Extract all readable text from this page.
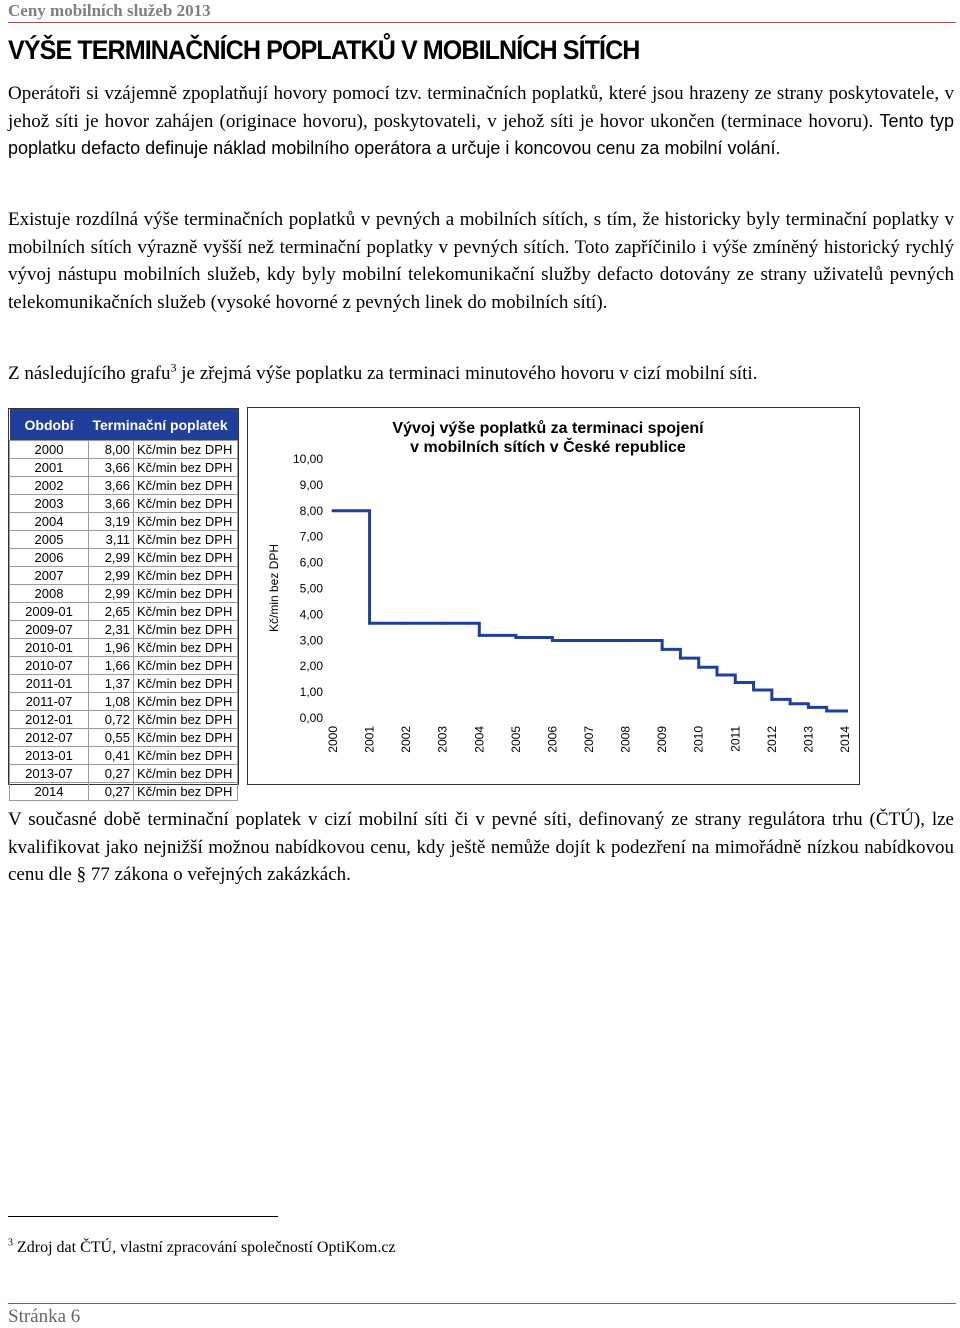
Ceny mobilních služeb 2013
VÝŠE TERMINAČNÍCH POPLATKŮ V MOBILNÍCH SÍTÍCH

Operátoři si vzájemně zpoplatňují hovory pomocí tzv. terminačních poplatků, které jsou hrazeny ze strany poskytovatele, v jehož síti je hovor zahájen (originace hovoru), poskytovateli, v jehož síti je hovor ukončen (terminace hovoru). Tento typ poplatku defacto definuje náklad mobilního operátora a určuje i koncovou cenu za mobilní volání.

Existuje rozdílná výše terminačních poplatků v pevných a mobilních sítích, s tím, že historicky byly terminační poplatky v mobilních sítích výrazně vyšší než terminační poplatky v pevných sítích. Toto zapříčinilo i výše zmíněný historický rychlý vývoj nástupu mobilních služeb, kdy byly mobilní telekomunikační služby defacto dotovány ze strany uživatelů pevných telekomunikačních služeb (vysoké hovorné z pevných linek do mobilních sítí).

Z následujícího grafu$^3$ je zřejmá výše poplatku za terminaci minutového hovoru v cizí mobilní síti.

Období	Terminační poplatek	
2000	8,00	Kč/min bez DPH
2001	3,66	Kč/min bez DPH
2002	3,66	Kč/min bez DPH
2003	3,66	Kč/min bez DPH
2004	3,19	Kč/min bez DPH
2005	3,11	Kč/min bez DPH
2006	2,99	Kč/min bez DPH
2007	2,99	Kč/min bez DPH
2008	2,99	Kč/min bez DPH
2009-01	2,65	Kč/min bez DPH
2009-07	2,31	Kč/min bez DPH
2010-01	1,96	Kč/min bez DPH
2010-07	1,66	Kč/min bez DPH
2011-01	1,37	Kč/min bez DPH
2011-07	1,08	Kč/min bez DPH
2012-01	0,72	Kč/min bez DPH
2012-07	0,55	Kč/min bez DPH
2013-01	0,41	Kč/min bez DPH
2013-07	0,27	Kč/min bez DPH
2014	0,27	Kč/min bez DPH
Vývoj výše poplatků za terminaci spojení
v mobilních sítích v České republice
Kč/min bez DPH
0,00
1,00
2,00
3,00
4,00
5,00
6,00
7,00
8,00
9,00
10,00
2000 2001 2002 2003 2004 2005 2006 2007 2008 2009 2010 2011 2012 2013 2014

V současné době terminační poplatek v cizí mobilní síti či v pevné síti, definovaný ze strany regulátora trhu (ČTÚ), lze kvalifikovat jako nejnižší možnou nabídkovou cenu, kdy ještě nemůže dojít k podezření na mimořádně nízkou nabídkovou cenu dle § 77 zákona o veřejných zakázkách.

$^3$ Zdroj dat ČTÚ, vlastní zpracování společností OptiKom.cz
Stránka 6
